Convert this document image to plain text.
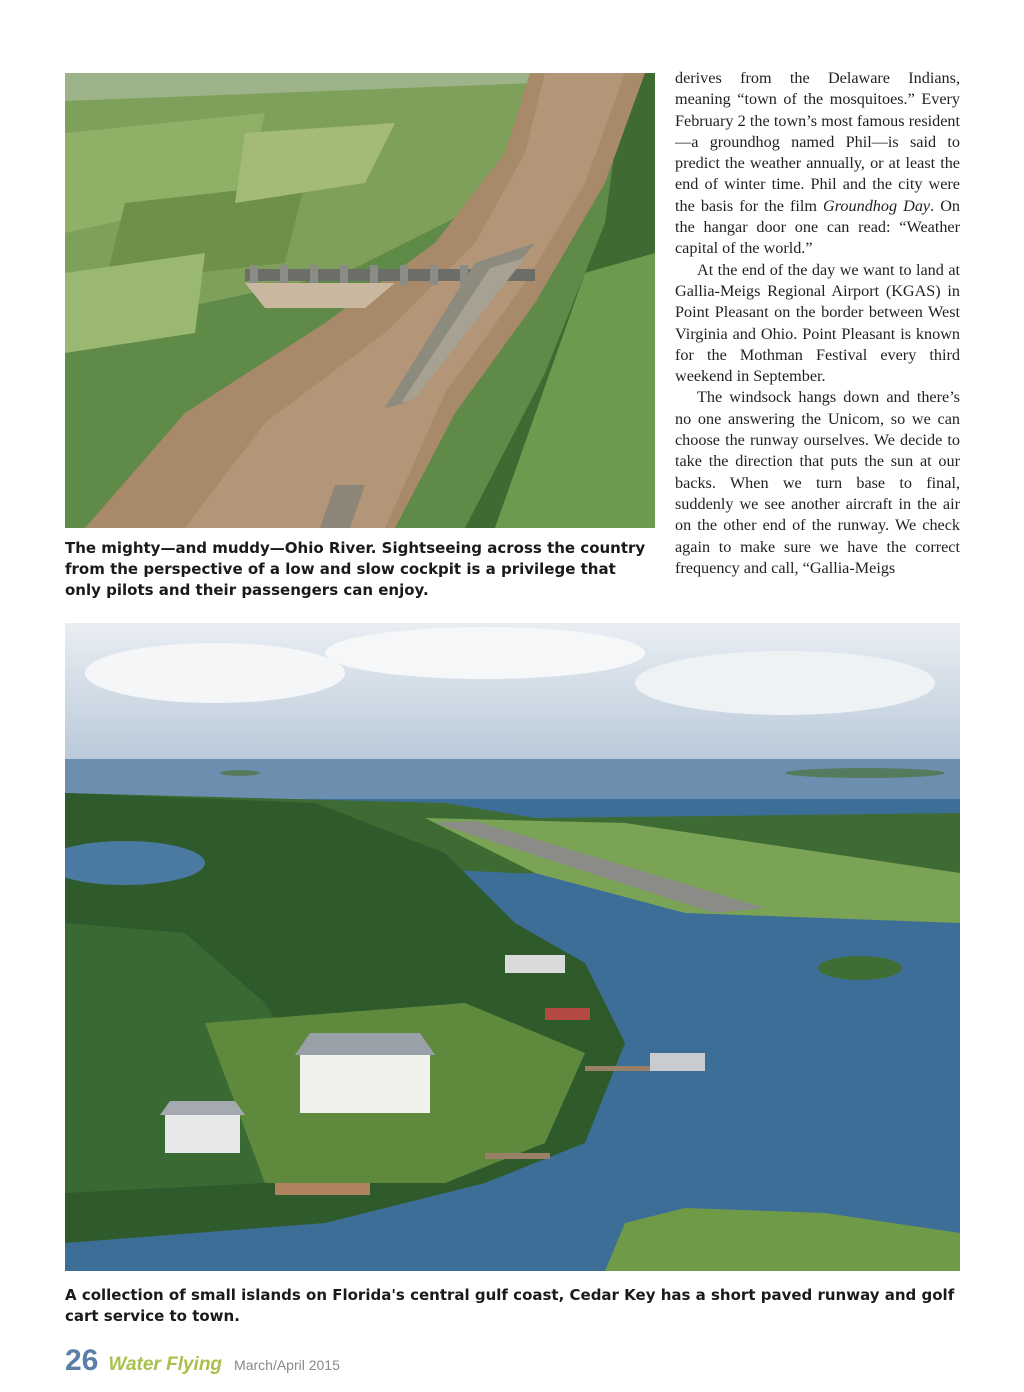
The mighty—and muddy—Ohio River. Sightseeing across the country from the perspective of a low and slow cockpit is a privilege that only pilots and their passengers can enjoy.

derives from the Delaware Indians, meaning “town of the mosquitoes.” Every February 2 the town’s most famous resident—a groundhog named Phil—is said to predict the weather annually, or at least the end of winter time. Phil and the city were the basis for the film Groundhog Day. On the hangar door one can read: “Weather capital of the world.”

At the end of the day we want to land at Gallia-Meigs Regional Airport (KGAS) in Point Pleasant on the border between West Virginia and Ohio. Point Pleasant is known for the Mothman Festival every third weekend in September.

The windsock hangs down and there’s no one answering the Unicom, so we can choose the runway ourselves. We decide to take the direction that puts the sun at our backs. When we turn base to final, suddenly we see another aircraft in the air on the other end of the runway. We check again to make sure we have the correct frequency and call, “Gallia-Meigs

A collection of small islands on Florida's central gulf coast, Cedar Key has a short paved runway and golf cart service to town.

26 Water Flying March/April 2015
